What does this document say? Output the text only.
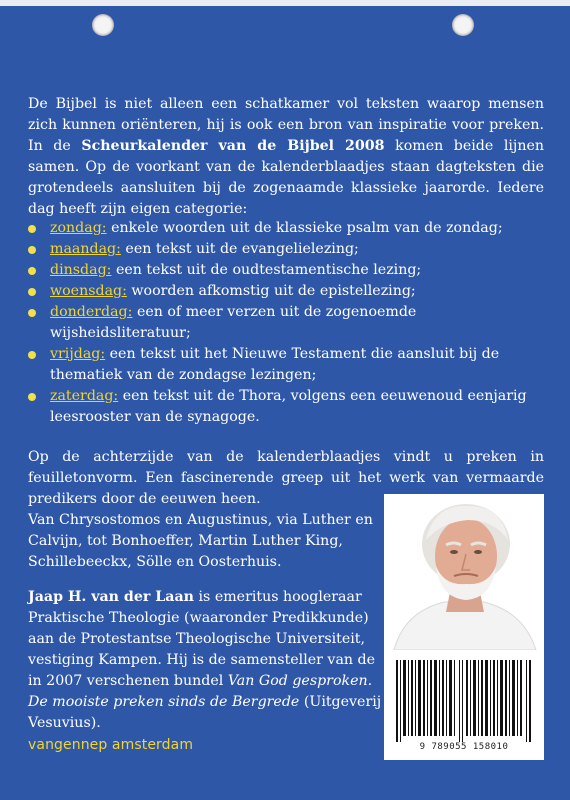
De Bijbel is niet alleen een schatkamer vol teksten waarop mensen zich kunnen oriënteren, hij is ook een bron van inspiratie voor preken. In de Scheurkalender van de Bijbel 2008 komen beide lijnen samen. Op de voorkant van de kalenderblaadjes staan dagteksten die grotendeels aansluiten bij de zogenaamde klassieke jaarorde. Iedere dag heeft zijn eigen categorie:
zondag: enkele woorden uit de klassieke psalm van de zondag;
maandag: een tekst uit de evangelielezing;
dinsdag: een tekst uit de oudtestamentische lezing;
woensdag: woorden afkomstig uit de epistellezing;
donderdag: een of meer verzen uit de zogenoemde wijsheidsliteratuur;
vrijdag: een tekst uit het Nieuwe Testament die aansluit bij de thematiek van de zondagse lezingen;
zaterdag: een tekst uit de Thora, volgens een eeuwenoud eenjarig leesrooster van de synagoge.
Op de achterzijde van de kalenderblaadjes vindt u preken in feuilletonvorm. Een fascinerende greep uit het werk van vermaarde predikers door de eeuwen heen.
Van Chrysostomos en Augustinus, via Luther en Calvijn, tot Bonhoeffer, Martin Luther King, Schillebeeckx, Sölle en Oosterhuis.
Jaap H. van der Laan is emeritus hoogleraar Praktische Theologie (waaronder Predikkunde) aan de Protestantse Theologische Universiteit, vestiging Kampen. Hij is de samensteller van de in 2007 verschenen bundel Van God gesproken. De mooiste preken sinds de Bergrede (Uitgeverij Vesuvius).
vangennep amsterdam	9 789055 158010
